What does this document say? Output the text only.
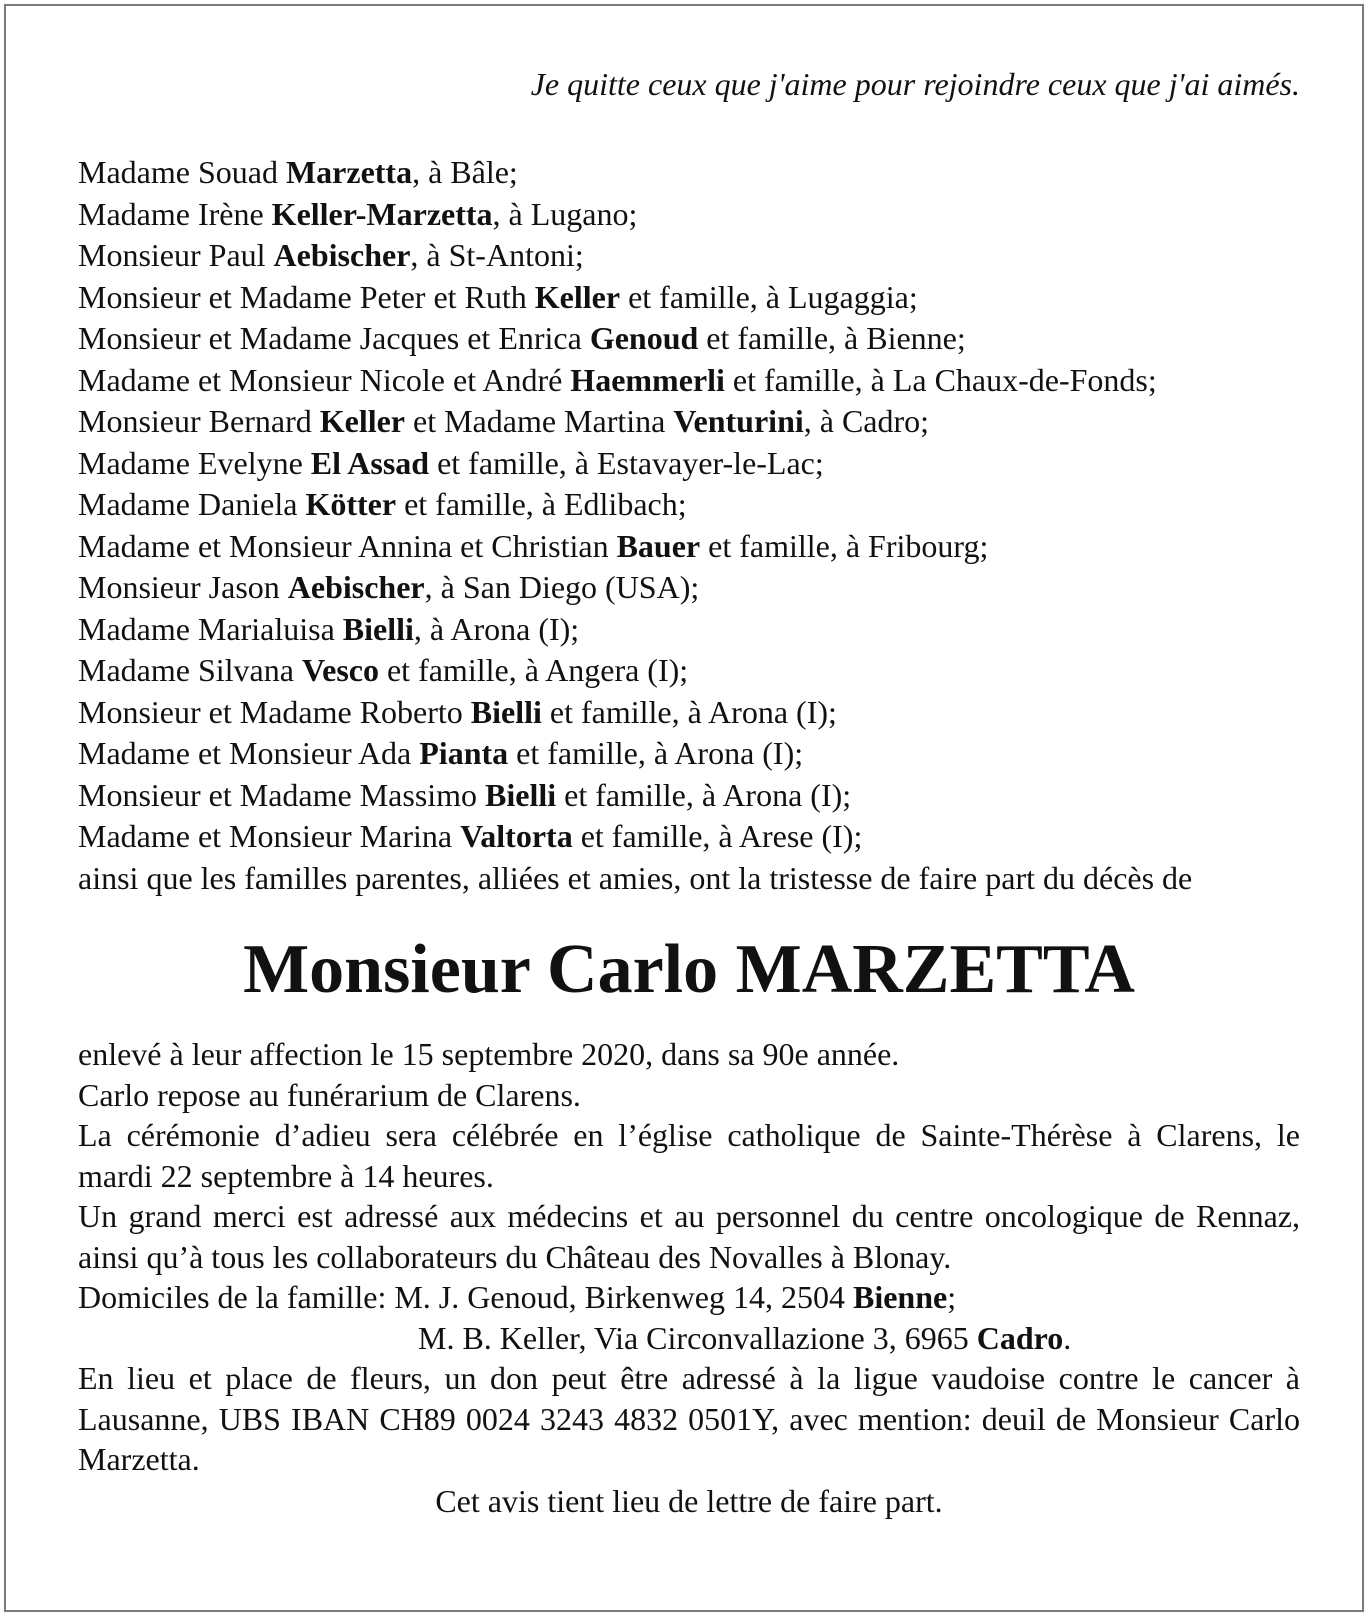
Je quitte ceux que j'aime pour rejoindre ceux que j'ai aimés.
Madame Souad Marzetta, à Bâle;
Madame Irène Keller-Marzetta, à Lugano;
Monsieur Paul Aebischer, à St-Antoni;
Monsieur et Madame Peter et Ruth Keller et famille, à Lugaggia;
Monsieur et Madame Jacques et Enrica Genoud et famille, à Bienne;
Madame et Monsieur Nicole et André Haemmerli et famille, à La Chaux-de-Fonds;
Monsieur Bernard Keller et Madame Martina Venturini, à Cadro;
Madame Evelyne El Assad et famille, à Estavayer-le-Lac;
Madame Daniela Kötter et famille, à Edlibach;
Madame et Monsieur Annina et Christian Bauer et famille, à Fribourg;
Monsieur Jason Aebischer, à San Diego (USA);
Madame Marialuisa Bielli, à Arona (I);
Madame Silvana Vesco et famille, à Angera (I);
Monsieur et Madame Roberto Bielli et famille, à Arona (I);
Madame et Monsieur Ada Pianta et famille, à Arona (I);
Monsieur et Madame Massimo Bielli et famille, à Arona (I);
Madame et Monsieur Marina Valtorta et famille, à Arese (I);
ainsi que les familles parentes, alliées et amies, ont la tristesse de faire part du décès de
Monsieur Carlo MARZETTA
enlevé à leur affection le 15 septembre 2020, dans sa 90e année.
Carlo repose au funérarium de Clarens.
La cérémonie d’adieu sera célébrée en l’église catholique de Sainte-Thérèse à Clarens, le mardi 22 septembre à 14 heures.
Un grand merci est adressé aux médecins et au personnel du centre oncologique de Rennaz, ainsi qu’à tous les collaborateurs du Château des Novalles à Blonay.
Domiciles de la famille: M. J. Genoud, Birkenweg 14, 2504 Bienne;
M. B. Keller, Via Circonvallazione 3, 6965 Cadro.
En lieu et place de fleurs, un don peut être adressé à la ligue vaudoise contre le cancer à Lausanne, UBS IBAN CH89 0024 3243 4832 0501Y, avec mention: deuil de Monsieur Carlo Marzetta.
Cet avis tient lieu de lettre de faire part.
